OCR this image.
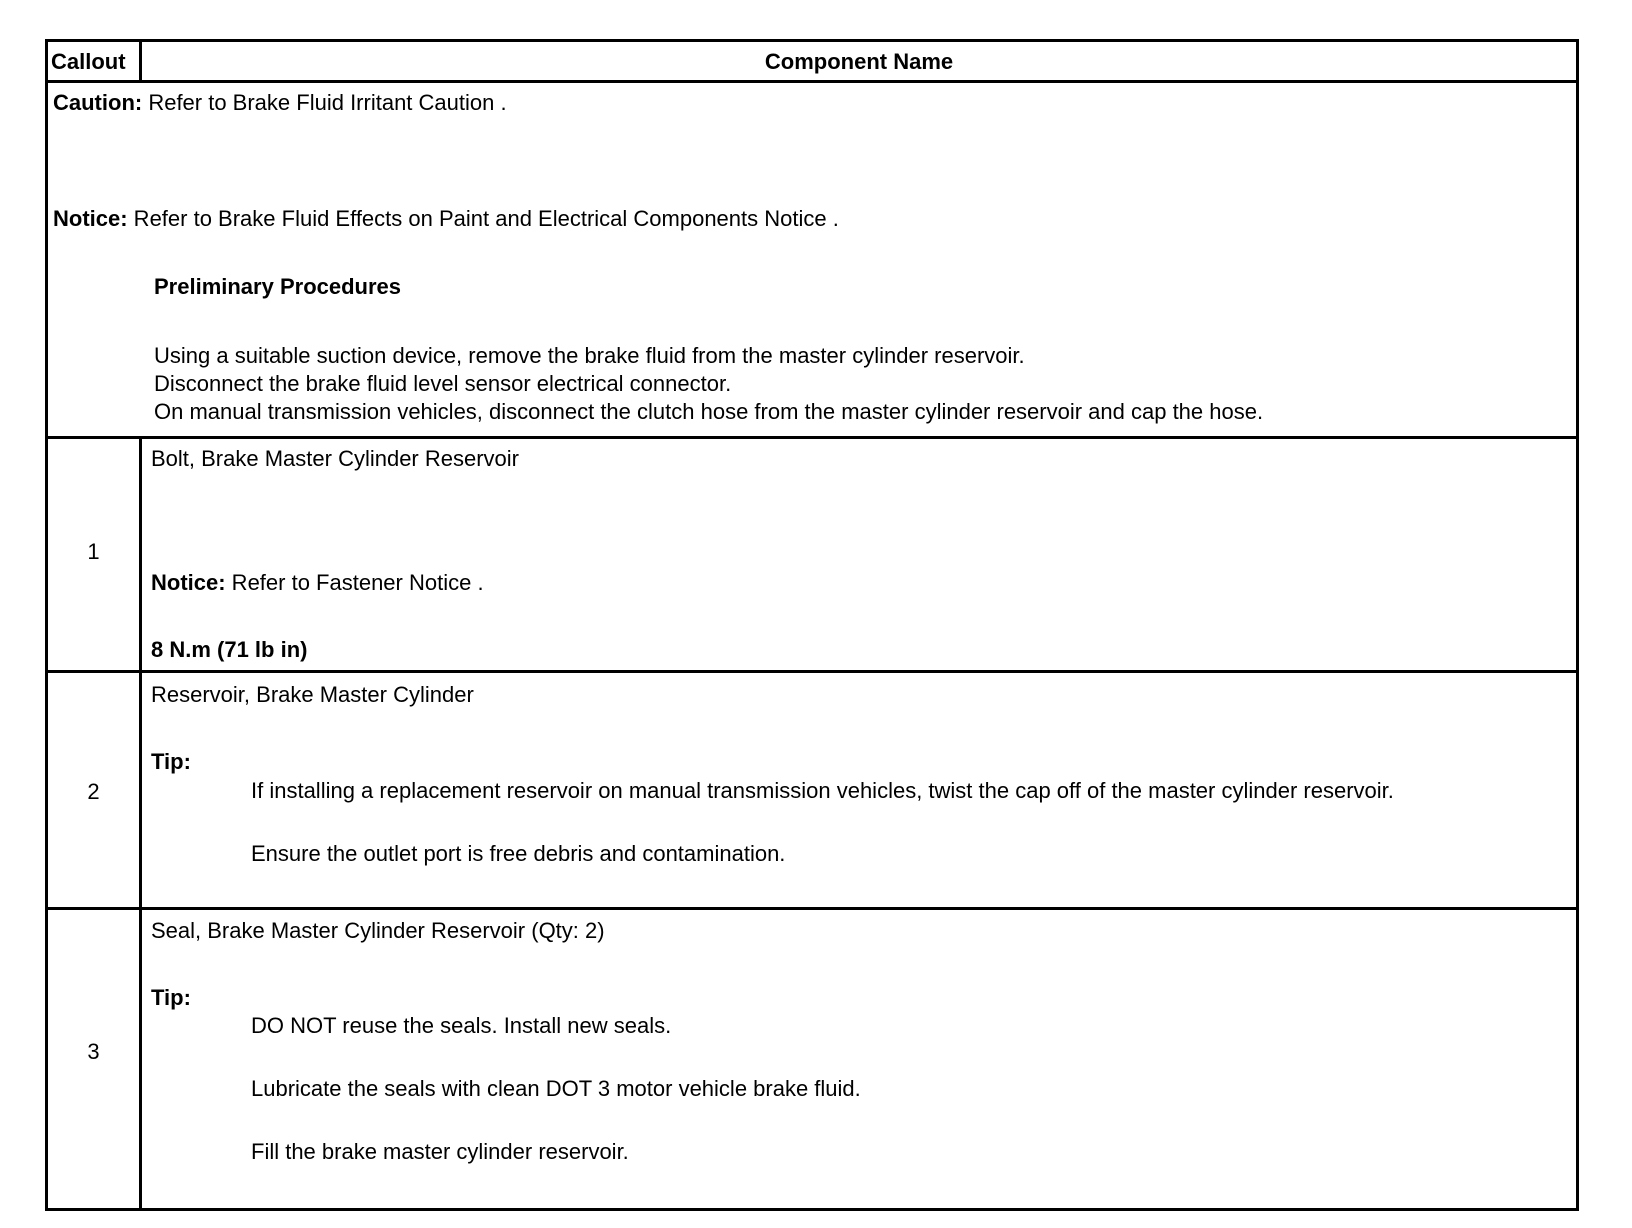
Callout	Component Name
Caution: Refer to Brake Fluid Irritant Caution .
Notice: Refer to Brake Fluid Effects on Paint and Electrical Components Notice .
Preliminary Procedures
Using a suitable suction device, remove the brake fluid from the master cylinder reservoir.
Disconnect the brake fluid level sensor electrical connector.
On manual transmission vehicles, disconnect the clutch hose from the master cylinder reservoir and cap the hose.
1
Bolt, Brake Master Cylinder Reservoir
Notice: Refer to Fastener Notice .
8 N.m (71 lb in)
2
Reservoir, Brake Master Cylinder
Tip:
If installing a replacement reservoir on manual transmission vehicles, twist the cap off of the master cylinder reservoir.
Ensure the outlet port is free debris and contamination.
3
Seal, Brake Master Cylinder Reservoir (Qty: 2)
Tip:
DO NOT reuse the seals. Install new seals.
Lubricate the seals with clean DOT 3 motor vehicle brake fluid.
Fill the brake master cylinder reservoir.
